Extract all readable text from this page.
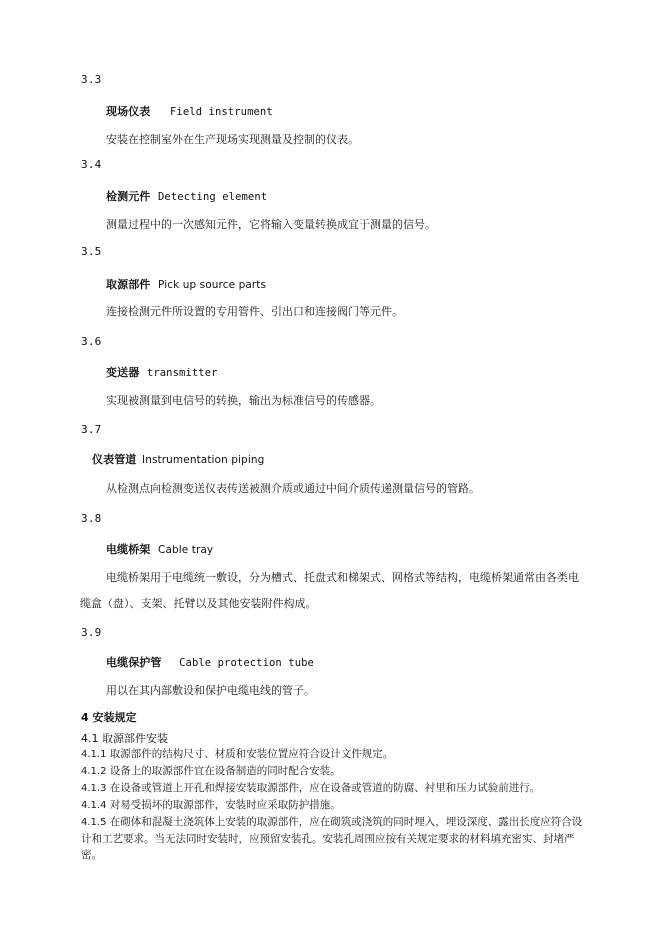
3.3
现场仪表 Field instrument
安装在控制室外在生产现场实现测量及控制的仪表。
3.4
检测元件 Detecting element
测量过程中的一次感知元件，它将输入变量转换成宜于测量的信号。
3.5
取源部件 Pick up source parts
连接检测元件所设置的专用管件、引出口和连接阀门等元件。
3.6
变送器 transmitter
实现被测量到电信号的转换，输出为标准信号的传感器。
3.7
仪表管道 Instrumentation piping
从检测点向检测变送仪表传送被测介质或通过中间介质传递测量信号的管路。
3.8
电缆桥架 Cable tray
电缆桥架用于电缆统一敷设，分为槽式、托盘式和梯架式、网格式等结构，电缆桥架通常由各类电缆盒（盘）、支架、托臂以及其他安装附件构成。
3.9
电缆保护管 Cable protection tube
用以在其内部敷设和保护电缆电线的管子。
4 安装规定
4.1 取源部件安装
4.1.1 取源部件的结构尺寸、材质和安装位置应符合设计文件规定。
4.1.2 设备上的取源部件宜在设备制造的同时配合安装。
4.1.3 在设备或管道上开孔和焊接安装取源部件，应在设备或管道的防腐、衬里和压力试验前进行。
4.1.4 对易受损坏的取源部件，安装时应采取防护措施。
4.1.5 在砌体和混凝土浇筑体上安装的取源部件，应在砌筑或浇筑的同时埋入，埋设深度、露出长度应符合设计和工艺要求。当无法同时安装时，应预留安装孔。安装孔周围应按有关规定要求的材料填充密实、封堵严密。
